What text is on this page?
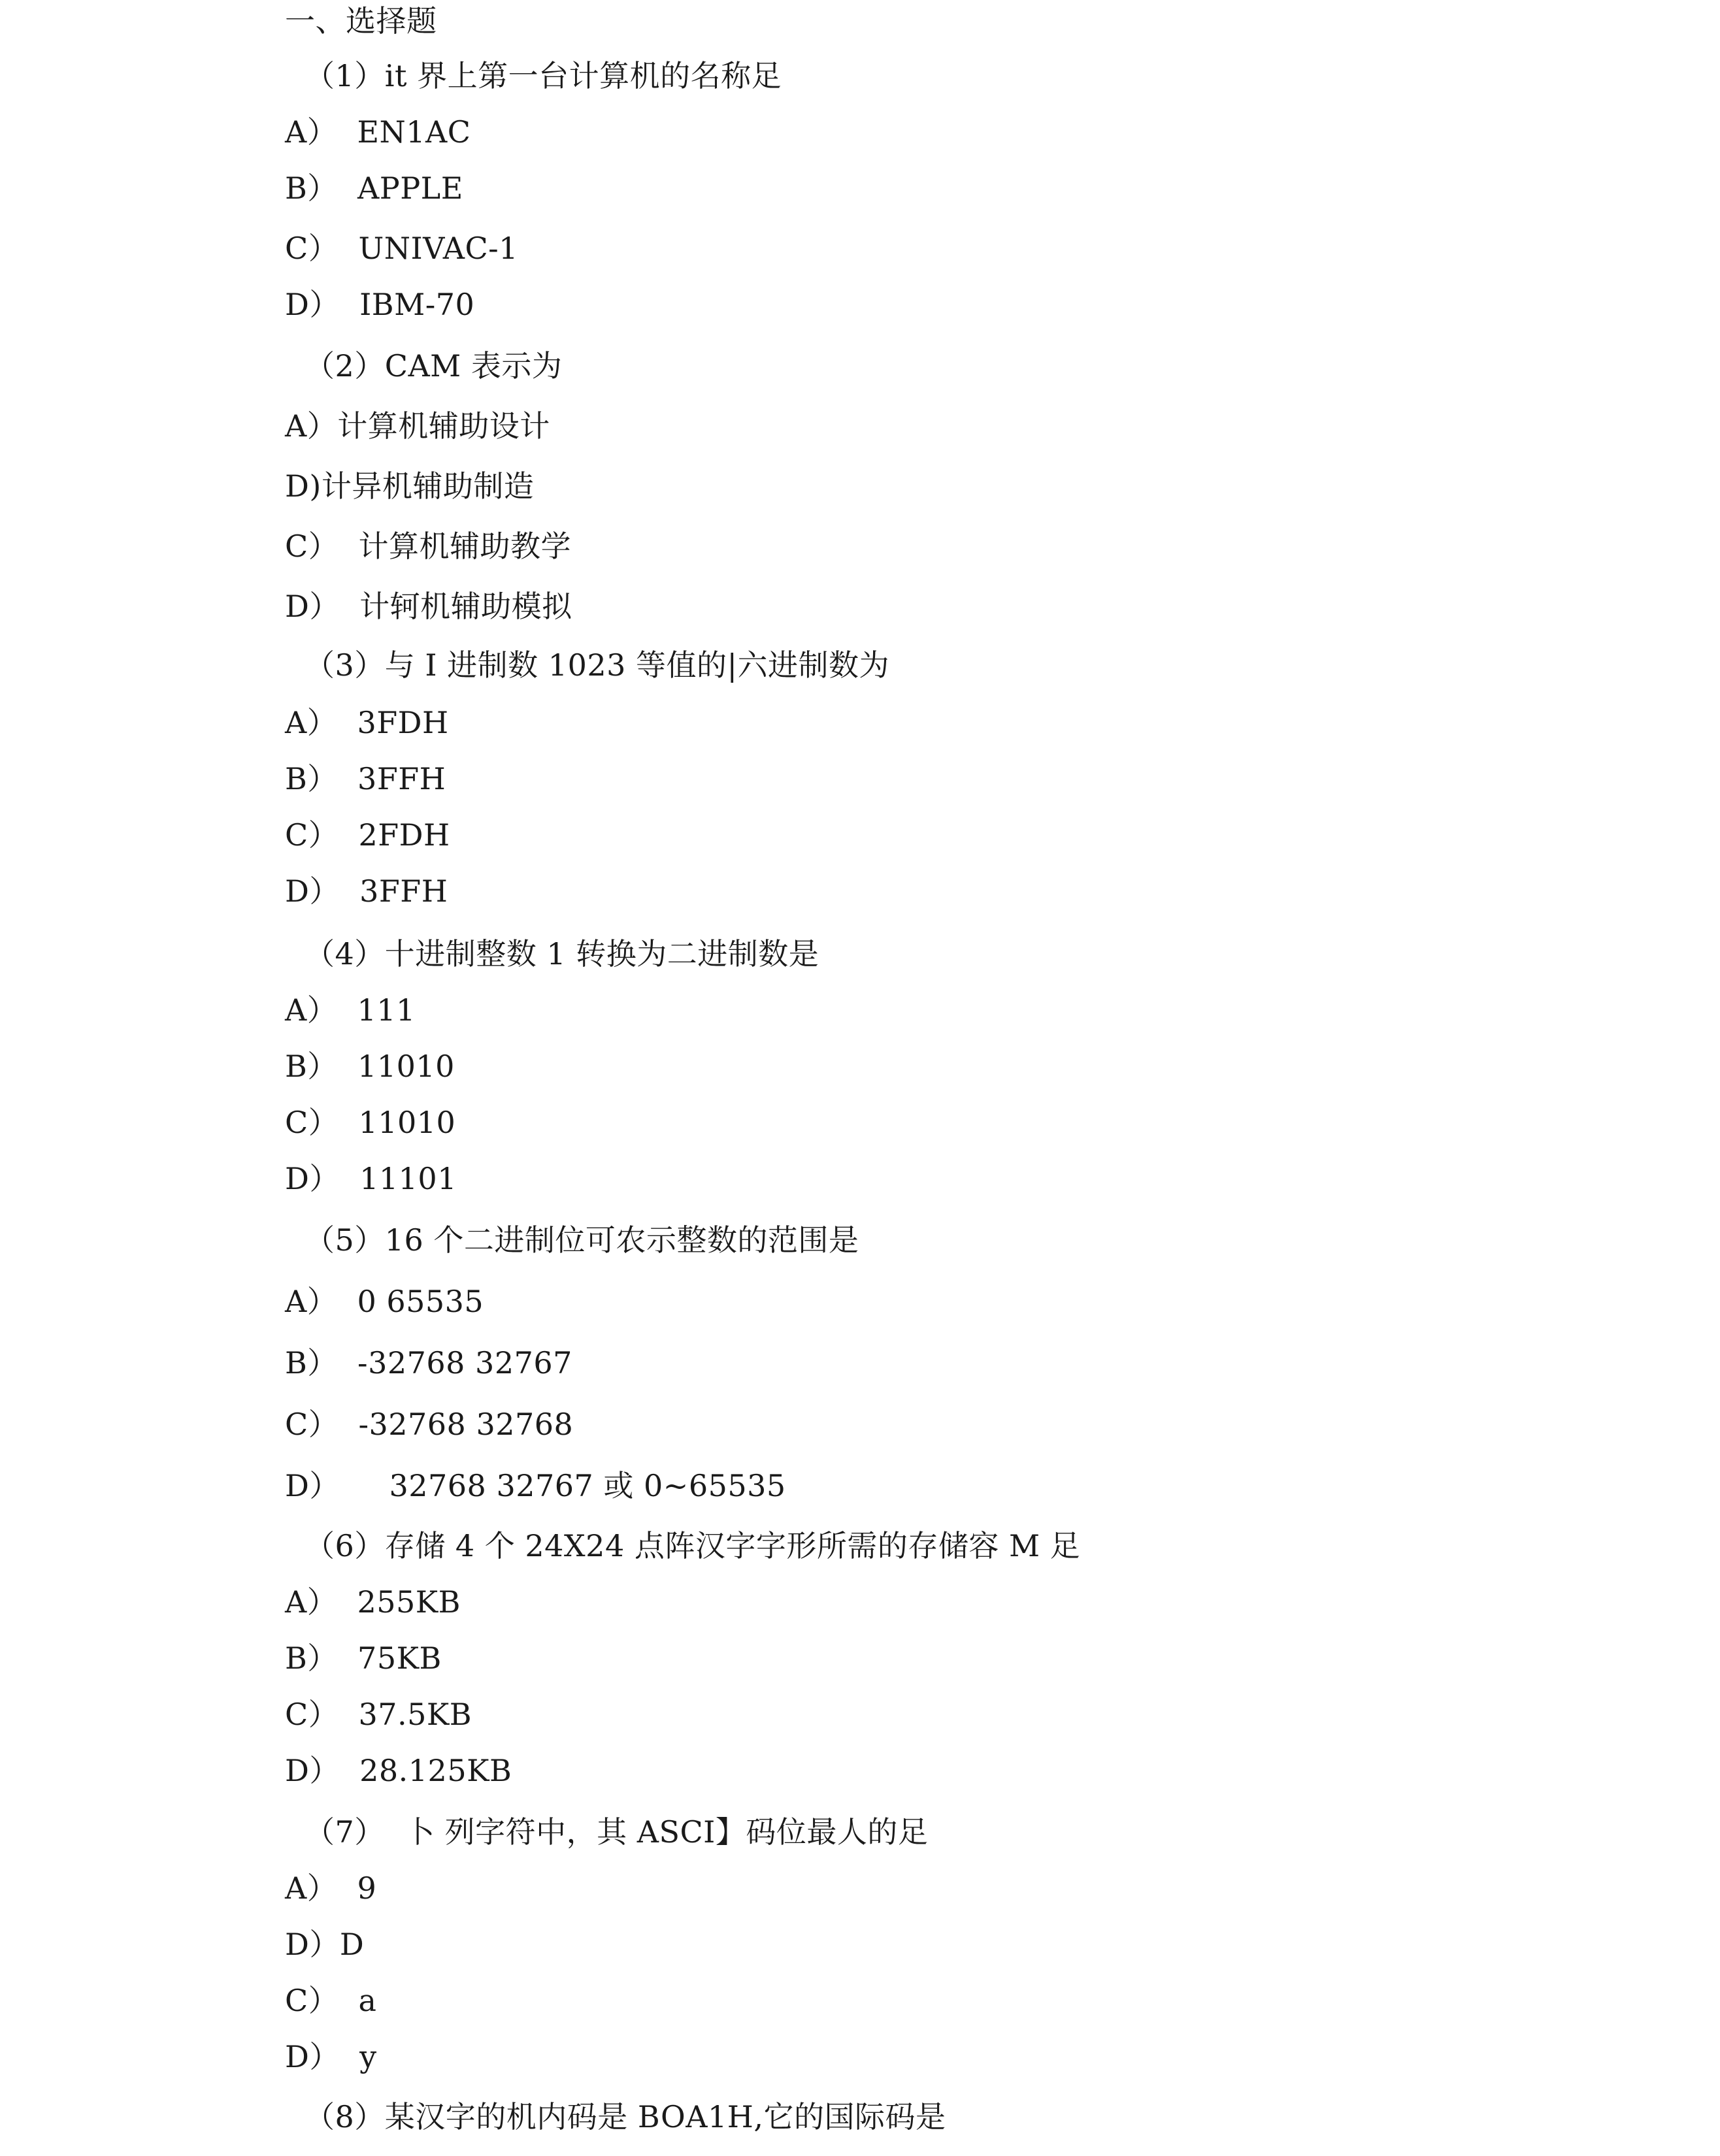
一、选择题
（1）it 界上第一台计算机的名称足
A）  EN1AC
B）  APPLE
C）  UNIVAC-1
D）  IBM-70
（2）CAM 表示为
A）计算机辅助设计
D)计异机辅助制造
C）  计算机辅助教学
D）  计轲机辅助模拟
（3）与 I 进制数 1023 等值的|六进制数为
A）  3FDH
B）  3FFH
C）  2FDH
D）  3FFH
（4）十进制整数 1 转换为二进制数是
A）  111
B）  11010
C）  11010
D）  11101
（5）16 个二进制位可农示整数的范围是
A）  0 65535
B）  -32768 32767
C）  -32768 32768
D）     32768 32767 或 0~65535
（6）存储 4 个 24X24 点阵汉字字形所需的存储容 M 足
A）  255KB
B）  75KB
C）  37.5KB
D）  28.125KB
（7）  卜 列字符中，其 ASCI】码位最人的足
A）  9
D）D
C）  a
D）  y
（8）某汉字的机内码是 BOA1H,它的国际码是
